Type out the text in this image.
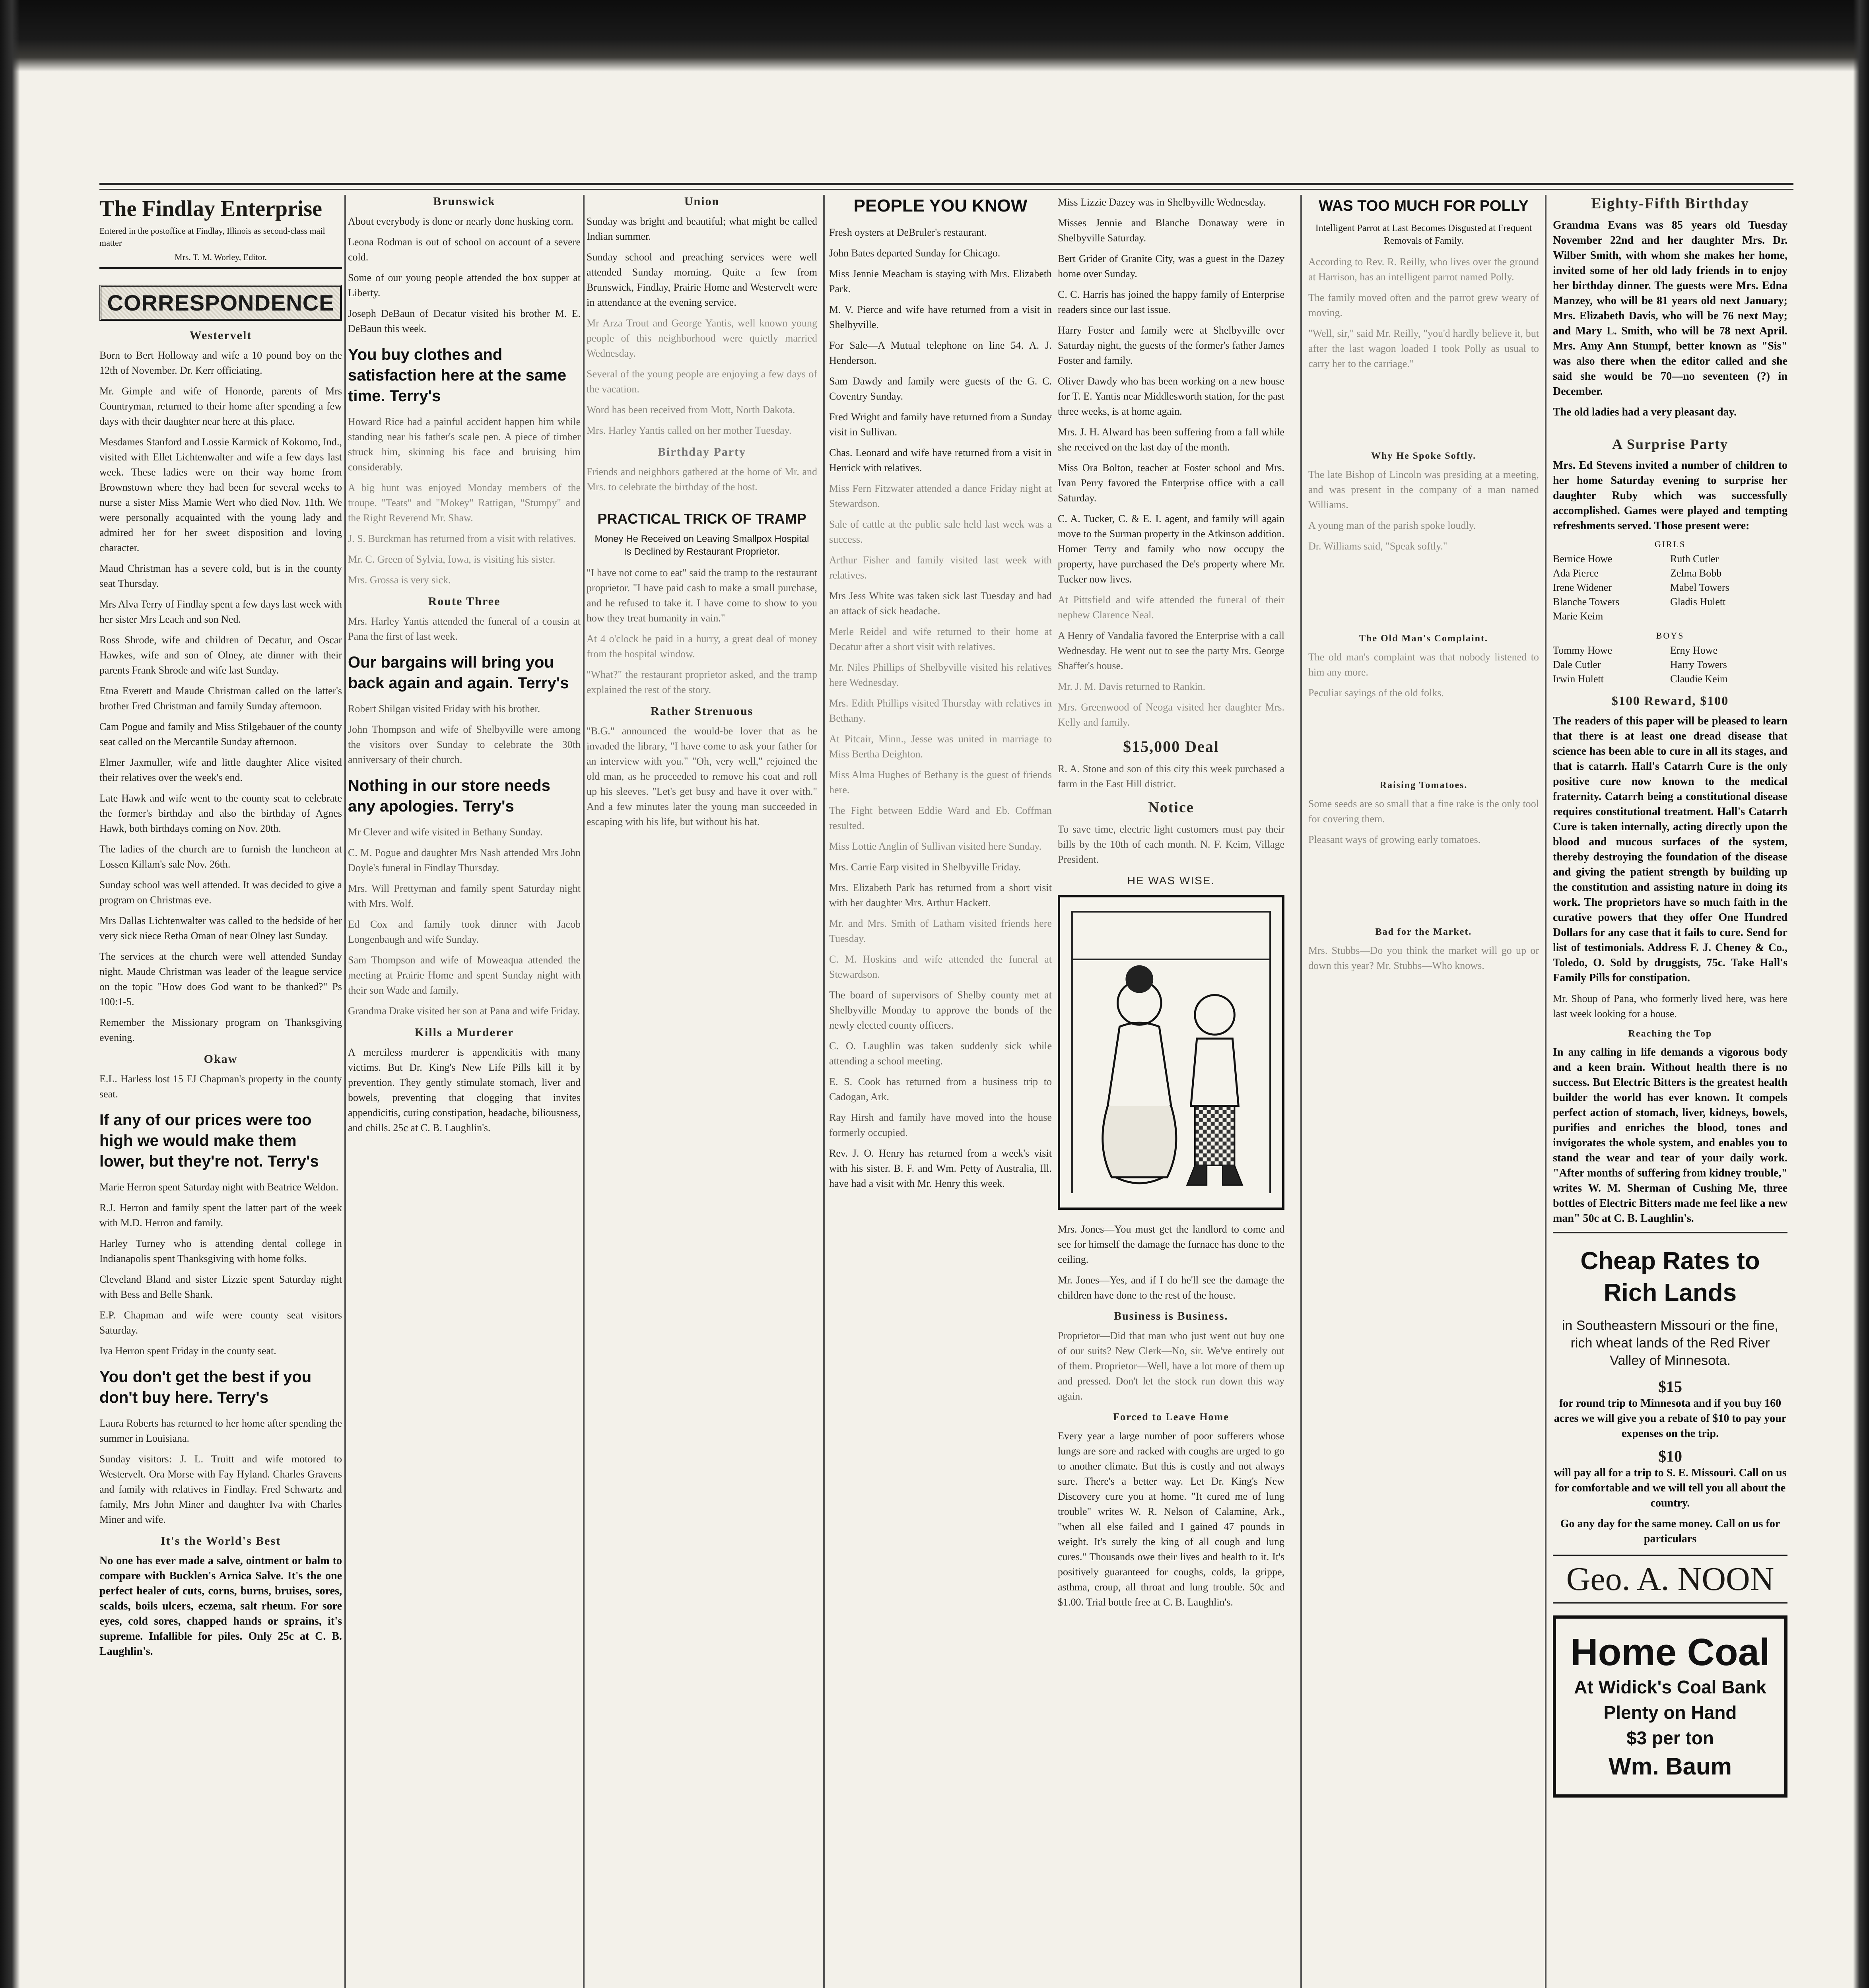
The Findlay Enterprise
Entered in the postoffice at Findlay, Illinois as second-class mail matter
Mrs. T. M. Worley, Editor.
CORRESPONDENCE
Westervelt

Born to Bert Holloway and wife a 10 pound boy on the 12th of November. Dr. Kerr officiating.

Mr. Gimple and wife of Honorde, parents of Mrs Countryman, returned to their home after spending a few days with their daughter near here at this place.

Mesdames Stanford and Lossie Karmick of Kokomo, Ind., visited with Ellet Lichtenwalter and wife a few days last week. These ladies were on their way home from Brownstown where they had been for several weeks to nurse a sister Miss Mamie Wert who died Nov. 11th. We were personally acquainted with the young lady and admired her for her sweet disposition and loving character.

Maud Christman has a severe cold, but is in the county seat Thursday.

Mrs Alva Terry of Findlay spent a few days last week with her sister Mrs Leach and son Ned.

Ross Shrode, wife and children of Decatur, and Oscar Hawkes, wife and son of Olney, ate dinner with their parents Frank Shrode and wife last Sunday.

Etna Everett and Maude Christman called on the latter's brother Fred Christman and family Sunday afternoon.

Cam Pogue and family and Miss Stilgebauer of the county seat called on the Mercantile Sunday afternoon.

Elmer Jaxmuller, wife and little daughter Alice visited their relatives over the week's end.

Late Hawk and wife went to the county seat to celebrate the former's birthday and also the birthday of Agnes Hawk, both birthdays coming on Nov. 20th.

The ladies of the church are to furnish the luncheon at Lossen Killam's sale Nov. 26th.

Sunday school was well attended. It was decided to give a program on Christmas eve.

Mrs Dallas Lichtenwalter was called to the bedside of her very sick niece Retha Oman of near Olney last Sunday.

The services at the church were well attended Sunday night. Maude Christman was leader of the league service on the topic "How does God want to be thanked?" Ps 100:1-5.

Remember the Missionary program on Thanksgiving evening.

Okaw

E.L. Harless lost 15 FJ Chapman's property in the county seat.

If any of our prices were too high we would make them lower, but they're not. Terry's

Marie Herron spent Saturday night with Beatrice Weldon.

R.J. Herron and family spent the latter part of the week with M.D. Herron and family.

Harley Turney who is attending dental college in Indianapolis spent Thanksgiving with home folks.

Cleveland Bland and sister Lizzie spent Saturday night with Bess and Belle Shank.

E.P. Chapman and wife were county seat visitors Saturday.

Iva Herron spent Friday in the county seat.

You don't get the best if you don't buy here. Terry's

Laura Roberts has returned to her home after spending the summer in Louisiana.

Sunday visitors: J. L. Truitt and wife motored to Westervelt. Ora Morse with Fay Hyland. Charles Gravens and family with relatives in Findlay. Fred Schwartz and family, Mrs John Miner and daughter Iva with Charles Miner and wife.

It's the World's Best

No one has ever made a salve, ointment or balm to compare with Bucklen's Arnica Salve. It's the one perfect healer of cuts, corns, burns, bruises, sores, scalds, boils ulcers, eczema, salt rheum. For sore eyes, cold sores, chapped hands or sprains, it's supreme. Infallible for piles. Only 25c at C. B. Laughlin's.

Brunswick

About everybody is done or nearly done husking corn.

Leona Rodman is out of school on account of a severe cold.

Some of our young people attended the box supper at Liberty.

Joseph DeBaun of Decatur visited his brother M. E. DeBaun this week.

You buy clothes and satisfaction here at the same time. Terry's

Howard Rice had a painful accident happen him while standing near his father's scale pen. A piece of timber struck him, skinning his face and bruising him considerably.

A big hunt was enjoyed Monday members of the troupe. "Teats" and "Mokey" Rattigan, "Stumpy" and the Right Reverend Mr. Shaw.

J. S. Burckman has returned from a visit with relatives.

Mr. C. Green of Sylvia, Iowa, is visiting his sister.

Mrs. Grossa is very sick.

Route Three

Mrs. Harley Yantis attended the funeral of a cousin at Pana the first of last week.

Our bargains will bring you back again and again. Terry's

Robert Shilgan visited Friday with his brother.

John Thompson and wife of Shelbyville were among the visitors over Sunday to celebrate the 30th anniversary of their church.

Nothing in our store needs any apologies. Terry's

Mr Clever and wife visited in Bethany Sunday.

C. M. Pogue and daughter Mrs Nash attended Mrs John Doyle's funeral in Findlay Thursday.

Mrs. Will Prettyman and family spent Saturday night with Mrs. Wolf.

Ed Cox and family took dinner with Jacob Longenbaugh and wife Sunday.

Sam Thompson and wife of Moweaqua attended the meeting at Prairie Home and spent Sunday night with their son Wade and family.

Grandma Drake visited her son at Pana and wife Friday.

Kills a Murderer

A merciless murderer is appendicitis with many victims. But Dr. King's New Life Pills kill it by prevention. They gently stimulate stomach, liver and bowels, preventing that clogging that invites appendicitis, curing constipation, headache, biliousness, and chills. 25c at C. B. Laughlin's.

Union

Sunday was bright and beautiful; what might be called Indian summer.

Sunday school and preaching services were well attended Sunday morning. Quite a few from Brunswick, Findlay, Prairie Home and Westervelt were in attendance at the evening service.

Mr Arza Trout and George Yantis, well known young people of this neighborhood were quietly married Wednesday.

Several of the young people are enjoying a few days of the vacation.

Word has been received from Mott, North Dakota.

Mrs. Harley Yantis called on her mother Tuesday.

Birthday Party

Friends and neighbors gathered at the home of Mr. and Mrs. to celebrate the birthday of the host.

PRACTICAL TRICK OF TRAMP
Money He Received on Leaving Smallpox Hospital Is Declined by Restaurant Proprietor.

"I have not come to eat" said the tramp to the restaurant proprietor. "I have paid cash to make a small purchase, and he refused to take it. I have come to show to you how they treat humanity in vain."

At 4 o'clock he paid in a hurry, a great deal of money from the hospital window.

"What?" the restaurant proprietor asked, and the tramp explained the rest of the story.

Rather Strenuous

"B.G." announced the would-be lover that as he invaded the library, "I have come to ask your father for an interview with you." "Oh, very well," rejoined the old man, as he proceeded to remove his coat and roll up his sleeves. "Let's get busy and have it over with." And a few minutes later the young man succeeded in escaping with his life, but without his hat.

PEOPLE YOU KNOW

Fresh oysters at DeBruler's restaurant.

John Bates departed Sunday for Chicago.

Miss Jennie Meacham is staying with Mrs. Elizabeth Park.

M. V. Pierce and wife have returned from a visit in Shelbyville.

For Sale—A Mutual telephone on line 54. A. J. Henderson.

Sam Dawdy and family were guests of the G. C. Coventry Sunday.

Fred Wright and family have returned from a Sunday visit in Sullivan.

Chas. Leonard and wife have returned from a visit in Herrick with relatives.

Miss Fern Fitzwater attended a dance Friday night at Stewardson.

Sale of cattle at the public sale held last week was a success.

Arthur Fisher and family visited last week with relatives.

Mrs Jess White was taken sick last Tuesday and had an attack of sick headache.

Merle Reidel and wife returned to their home at Decatur after a short visit with relatives.

Mr. Niles Phillips of Shelbyville visited his relatives here Wednesday.

Mrs. Edith Phillips visited Thursday with relatives in Bethany.

At Pitcair, Minn., Jesse was united in marriage to Miss Bertha Deighton.

Miss Alma Hughes of Bethany is the guest of friends here.

The Fight between Eddie Ward and Eb. Coffman resulted.

Miss Lottie Anglin of Sullivan visited here Sunday.

Mrs. Carrie Earp visited in Shelbyville Friday.

Mrs. Elizabeth Park has returned from a short visit with her daughter Mrs. Arthur Hackett.

Mr. and Mrs. Smith of Latham visited friends here Tuesday.

C. M. Hoskins and wife attended the funeral at Stewardson.

The board of supervisors of Shelby county met at Shelbyville Monday to approve the bonds of the newly elected county officers.

C. O. Laughlin was taken suddenly sick while attending a school meeting.

E. S. Cook has returned from a business trip to Cadogan, Ark.

Ray Hirsh and family have moved into the house formerly occupied.

Rev. J. O. Henry has returned from a week's visit with his sister. B. F. and Wm. Petty of Australia, Ill. have had a visit with Mr. Henry this week.

Miss Lizzie Dazey was in Shelbyville Wednesday.

Misses Jennie and Blanche Donaway were in Shelbyville Saturday.

Bert Grider of Granite City, was a guest in the Dazey home over Sunday.

C. C. Harris has joined the happy family of Enterprise readers since our last issue.

Harry Foster and family were at Shelbyville over Saturday night, the guests of the former's father James Foster and family.

Oliver Dawdy who has been working on a new house for T. E. Yantis near Middlesworth station, for the past three weeks, is at home again.

Mrs. J. H. Alward has been suffering from a fall while she received on the last day of the month.

Miss Ora Bolton, teacher at Foster school and Mrs. Ivan Perry favored the Enterprise office with a call Saturday.

C. A. Tucker, C. & E. I. agent, and family will again move to the Surman property in the Atkinson addition. Homer Terry and family who now occupy the property, have purchased the De's property where Mr. Tucker now lives.

At Pittsfield and wife attended the funeral of their nephew Clarence Neal.

A Henry of Vandalia favored the Enterprise with a call Wednesday. He went out to see the party Mrs. George Shaffer's house.

Mr. J. M. Davis returned to Rankin.

Mrs. Greenwood of Neoga visited her daughter Mrs. Kelly and family.

$15,000 Deal

R. A. Stone and son of this city this week purchased a farm in the East Hill district.

Notice

To save time, electric light customers must pay their bills by the 10th of each month. N. F. Keim, Village President.

HE WAS WISE.

Mrs. Jones—You must get the landlord to come and see for himself the damage the furnace has done to the ceiling.

Mr. Jones—Yes, and if I do he'll see the damage the children have done to the rest of the house.

Business is Business.

Proprietor—Did that man who just went out buy one of our suits? New Clerk—No, sir. We've entirely out of them. Proprietor—Well, have a lot more of them up and pressed. Don't let the stock run down this way again.

Forced to Leave Home

Every year a large number of poor sufferers whose lungs are sore and racked with coughs are urged to go to another climate. But this is costly and not always sure. There's a better way. Let Dr. King's New Discovery cure you at home. "It cured me of lung trouble" writes W. R. Nelson of Calamine, Ark., "when all else failed and I gained 47 pounds in weight. It's surely the king of all cough and lung cures." Thousands owe their lives and health to it. It's positively guaranteed for coughs, colds, la grippe, asthma, croup, all throat and lung trouble. 50c and $1.00. Trial bottle free at C. B. Laughlin's.

WAS TOO MUCH FOR POLLY
Intelligent Parrot at Last Becomes Disgusted at Frequent Removals of Family.

According to Rev. R. Reilly, who lives over the ground at Harrison, has an intelligent parrot named Polly.

The family moved often and the parrot grew weary of moving.

"Well, sir," said Mr. Reilly, "you'd hardly believe it, but after the last wagon loaded I took Polly as usual to carry her to the carriage."

Why He Spoke Softly.

The late Bishop of Lincoln was presiding at a meeting, and was present in the company of a man named Williams.

A young man of the parish spoke loudly.

Dr. Williams said, "Speak softly."

The Old Man's Complaint.

The old man's complaint was that nobody listened to him any more.

Peculiar sayings of the old folks.

Raising Tomatoes.

Some seeds are so small that a fine rake is the only tool for covering them.

Pleasant ways of growing early tomatoes.

Bad for the Market.

Mrs. Stubbs—Do you think the market will go up or down this year? Mr. Stubbs—Who knows.

Eighty-Fifth Birthday

Grandma Evans was 85 years old Tuesday November 22nd and her daughter Mrs. Dr. Wilber Smith, with whom she makes her home, invited some of her old lady friends in to enjoy her birthday dinner. The guests were Mrs. Edna Manzey, who will be 81 years old next January; Mrs. Elizabeth Davis, who will be 76 next May; and Mary L. Smith, who will be 78 next April. Mrs. Amy Ann Stumpf, better known as "Sis" was also there when the editor called and she said she would be 70—no seventeen (?) in December.

The old ladies had a very pleasant day.

A Surprise Party

Mrs. Ed Stevens invited a number of children to her home Saturday evening to surprise her daughter Ruby which was successfully accomplished. Games were played and tempting refreshments served. Those present were:

GIRLS
Bernice Howe	Ruth Cutler
Ada Pierce	Zelma Bobb
Irene Widener	Mabel Towers
Blanche Towers	Gladis Hulett
Marie Keim
BOYS
Tommy Howe	Erny Howe
Dale Cutler	Harry Towers
Irwin Hulett	Claudie Keim
$100 Reward, $100

The readers of this paper will be pleased to learn that there is at least one dread disease that science has been able to cure in all its stages, and that is catarrh. Hall's Catarrh Cure is the only positive cure now known to the medical fraternity. Catarrh being a constitutional disease requires constitutional treatment. Hall's Catarrh Cure is taken internally, acting directly upon the blood and mucous surfaces of the system, thereby destroying the foundation of the disease and giving the patient strength by building up the constitution and assisting nature in doing its work. The proprietors have so much faith in the curative powers that they offer One Hundred Dollars for any case that it fails to cure. Send for list of testimonials. Address F. J. Cheney & Co., Toledo, O. Sold by druggists, 75c. Take Hall's Family Pills for constipation.

Mr. Shoup of Pana, who formerly lived here, was here last week looking for a house.

Reaching the Top

In any calling in life demands a vigorous body and a keen brain. Without health there is no success. But Electric Bitters is the greatest health builder the world has ever known. It compels perfect action of stomach, liver, kidneys, bowels, purifies and enriches the blood, tones and invigorates the whole system, and enables you to stand the wear and tear of your daily work. "After months of suffering from kidney trouble," writes W. M. Sherman of Cushing Me, three bottles of Electric Bitters made me feel like a new man" 50c at C. B. Laughlin's.

Cheap Rates to Rich Lands
in Southeastern Missouri or the fine, rich wheat lands of the Red River Valley of Minnesota.
$15

for round trip to Minnesota and if you buy 160 acres we will give you a rebate of $10 to pay your expenses on the trip.

$10

will pay all for a trip to S. E. Missouri. Call on us for comfortable and we will tell you all about the country.

Go any day for the same money. Call on us for particulars

Geo. A. NOON
Home Coal
At Widick's Coal Bank
Plenty on Hand
$3 per ton
Wm. Baum
